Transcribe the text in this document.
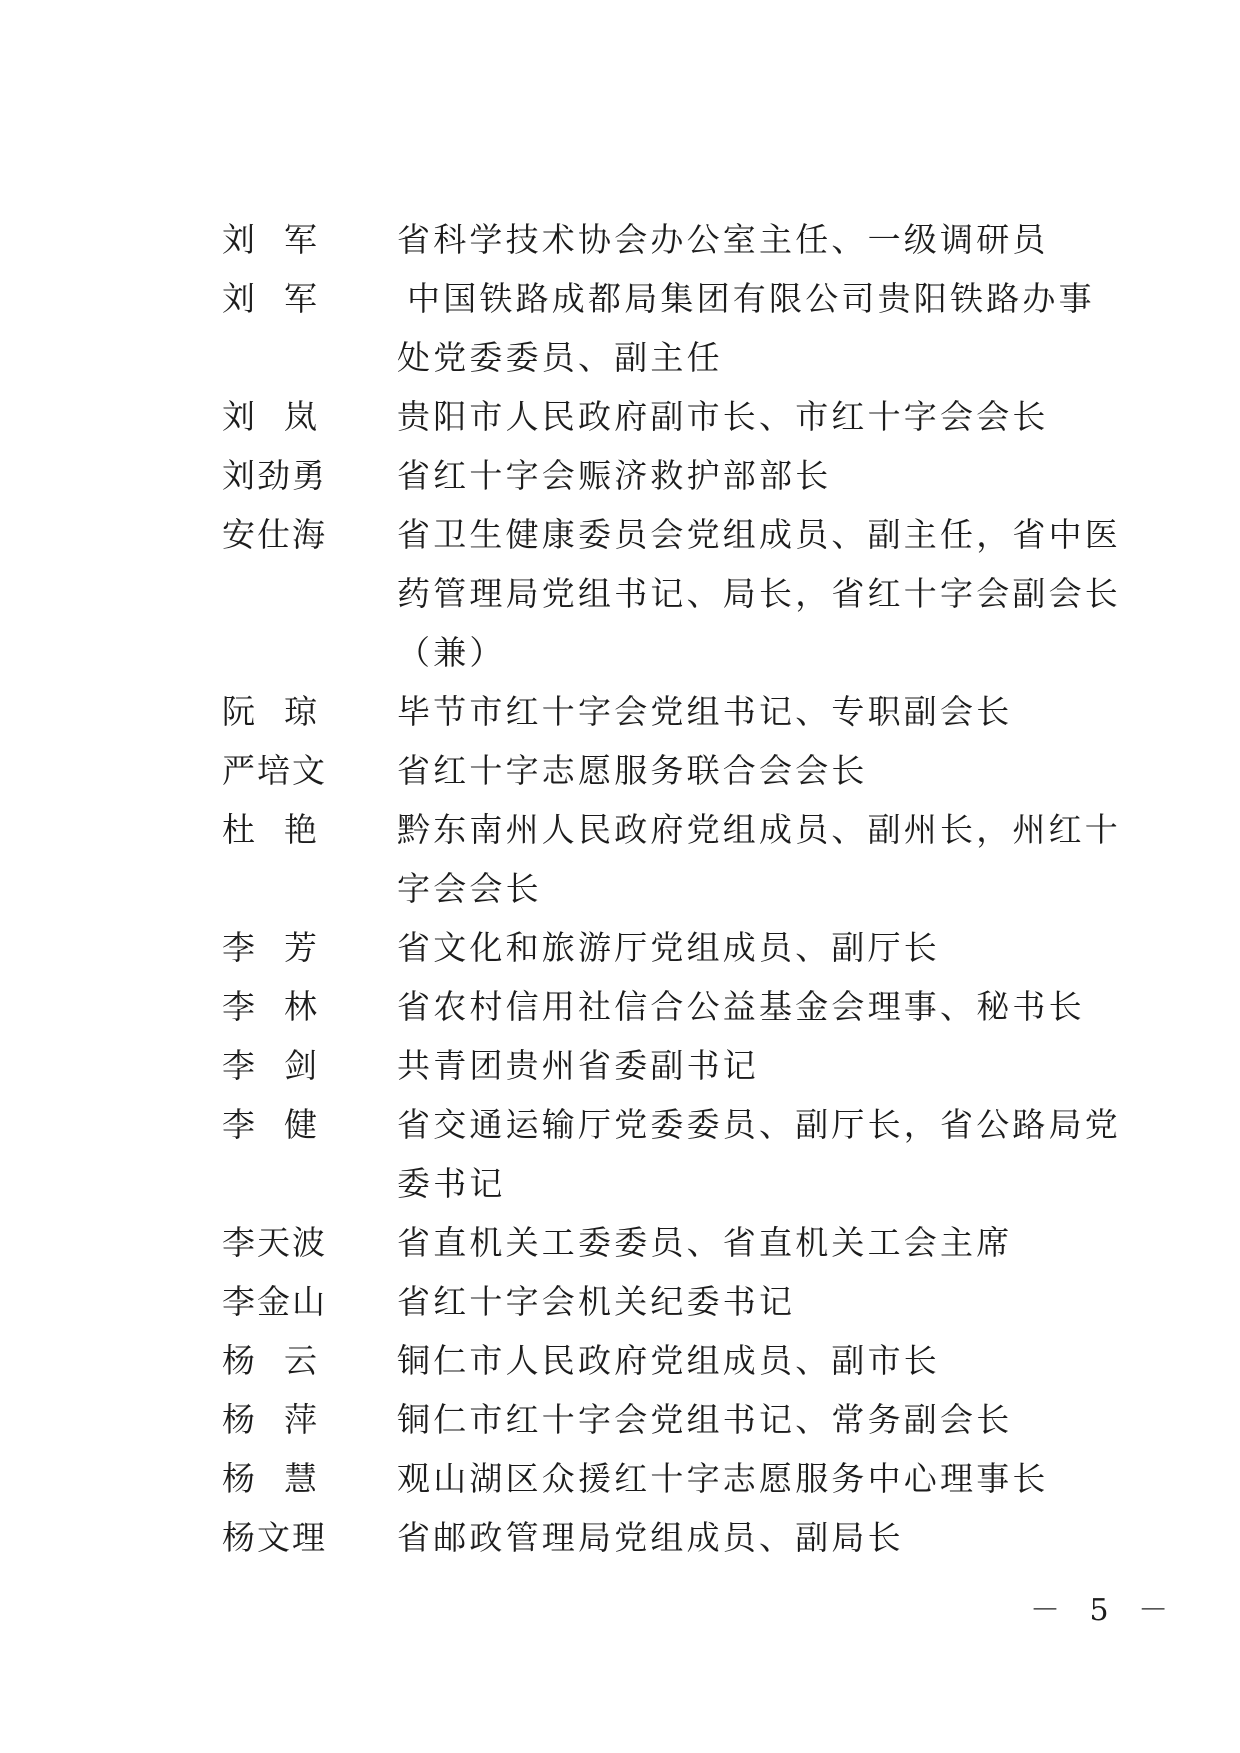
刘 军 省科学技术协会办公室主任、一级调研员
刘 军	中国铁路成都局集团有限公司贵阳铁路办事处党委委员、副主任
刘 岚 贵阳市人民政府副市长、市红十字会会长
刘劲勇	省红十字会赈济救护部部长
安仕海	省卫生健康委员会党组成员、副主任，省中医药管理局党组书记、局长，省红十字会副会长（兼）
阮 琼 毕节市红十字会党组书记、专职副会长
严培文	省红十字志愿服务联合会会长
杜 艳 黔东南州人民政府党组成员、副州长，州红十字会会长
李 芳 省文化和旅游厅党组成员、副厅长
李 林 省农村信用社信合公益基金会理事、秘书长
李 剑 共青团贵州省委副书记
李 健 省交通运输厅党委委员、副厅长，省公路局党委书记
李天波	省直机关工委委员、省直机关工会主席
李金山	省红十字会机关纪委书记
杨 云 铜仁市人民政府党组成员、副市长
杨 萍 铜仁市红十字会党组书记、常务副会长
杨 慧 观山湖区众援红十字志愿服务中心理事长
杨文理	省邮政管理局党组成员、副局长
－ 5 －
